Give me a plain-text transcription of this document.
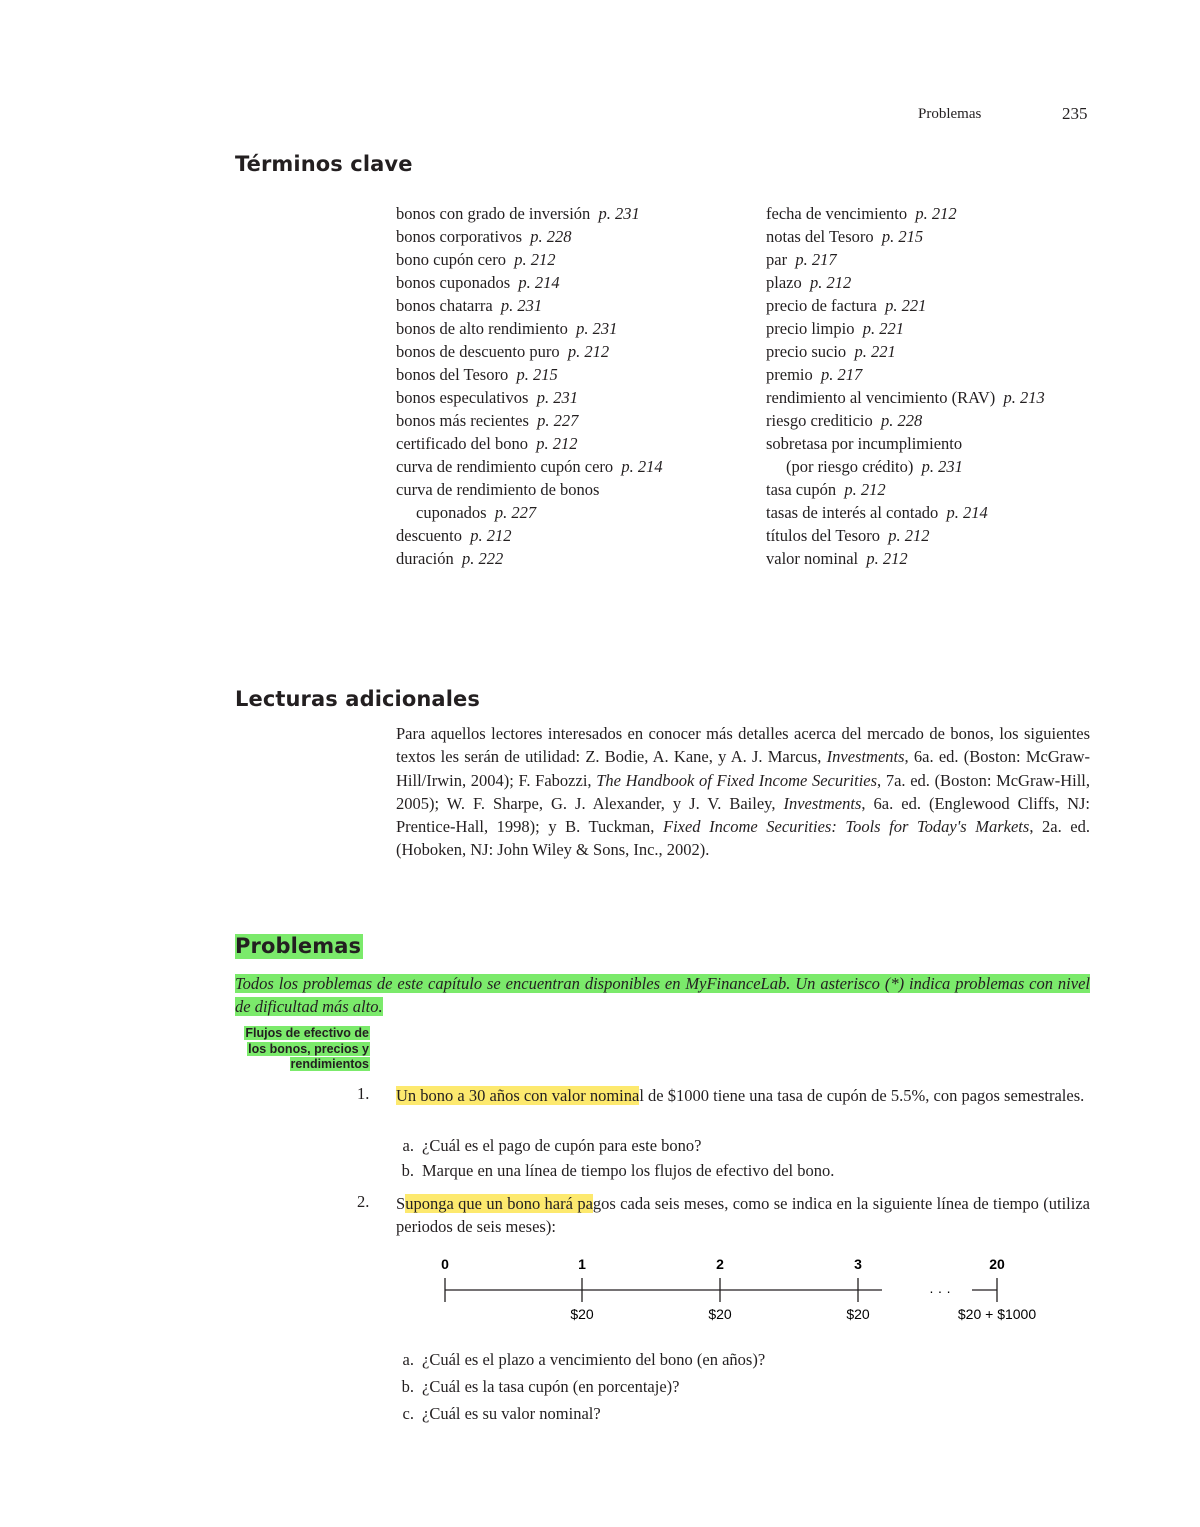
Problemas	235
Términos clave
bonos con grado de inversión p. 231
bonos corporativos p. 228
bono cupón cero p. 212
bonos cuponados p. 214
bonos chatarra p. 231
bonos de alto rendimiento p. 231
bonos de descuento puro p. 212
bonos del Tesoro p. 215
bonos especulativos p. 231
bonos más recientes p. 227
certificado del bono p. 212
curva de rendimiento cupón cero p. 214
curva de rendimiento de bonos
cuponados p. 227
descuento p. 212
duración p. 222
fecha de vencimiento p. 212
notas del Tesoro p. 215
par p. 217
plazo p. 212
precio de factura p. 221
precio limpio p. 221
precio sucio p. 221
premio p. 217
rendimiento al vencimiento (RAV) p. 213
riesgo crediticio p. 228
sobretasa por incumplimiento
(por riesgo crédito) p. 231
tasa cupón p. 212
tasas de interés al contado p. 214
títulos del Tesoro p. 212
valor nominal p. 212
Lecturas adicionales
Para aquellos lectores interesados en conocer más detalles acerca del mercado de bonos, los siguientes textos les serán de utilidad: Z. Bodie, A. Kane, y A. J. Marcus, Investments, 6a. ed. (Boston: McGraw-Hill/Irwin, 2004); F. Fabozzi, The Handbook of Fixed Income Securities, 7a. ed. (Boston: McGraw-Hill, 2005); W. F. Sharpe, G. J. Alexander, y J. V. Bailey, Investments, 6a. ed. (Englewood Cliffs, NJ: Prentice-Hall, 1998); y B. Tuckman, Fixed Income Securities: Tools for Today's Markets, 2a. ed. (Hoboken, NJ: John Wiley & Sons, Inc., 2002).
Problemas
Todos los problemas de este capítulo se encuentran disponibles en MyFinanceLab. Un asterisco (*) indica problemas con nivel de dificultad más alto.
Flujos de efectivo de
los bonos, precios y
rendimientos
1. Un bono a 30 años con valor nominal de $1000 tiene una tasa de cupón de 5.5%, con pagos semestrales.
a. ¿Cuál es el pago de cupón para este bono?
b. Marque en una línea de tiempo los flujos de efectivo del bono.
2. Suponga que un bono hará pagos cada seis meses, como se indica en la siguiente línea de tiempo (utiliza periodos de seis meses):
· · ·
0	1	2	3	20
$20	$20	$20	$20 + $1000
a. ¿Cuál es el plazo a vencimiento del bono (en años)?
b. ¿Cuál es la tasa cupón (en porcentaje)?
c. ¿Cuál es su valor nominal?
